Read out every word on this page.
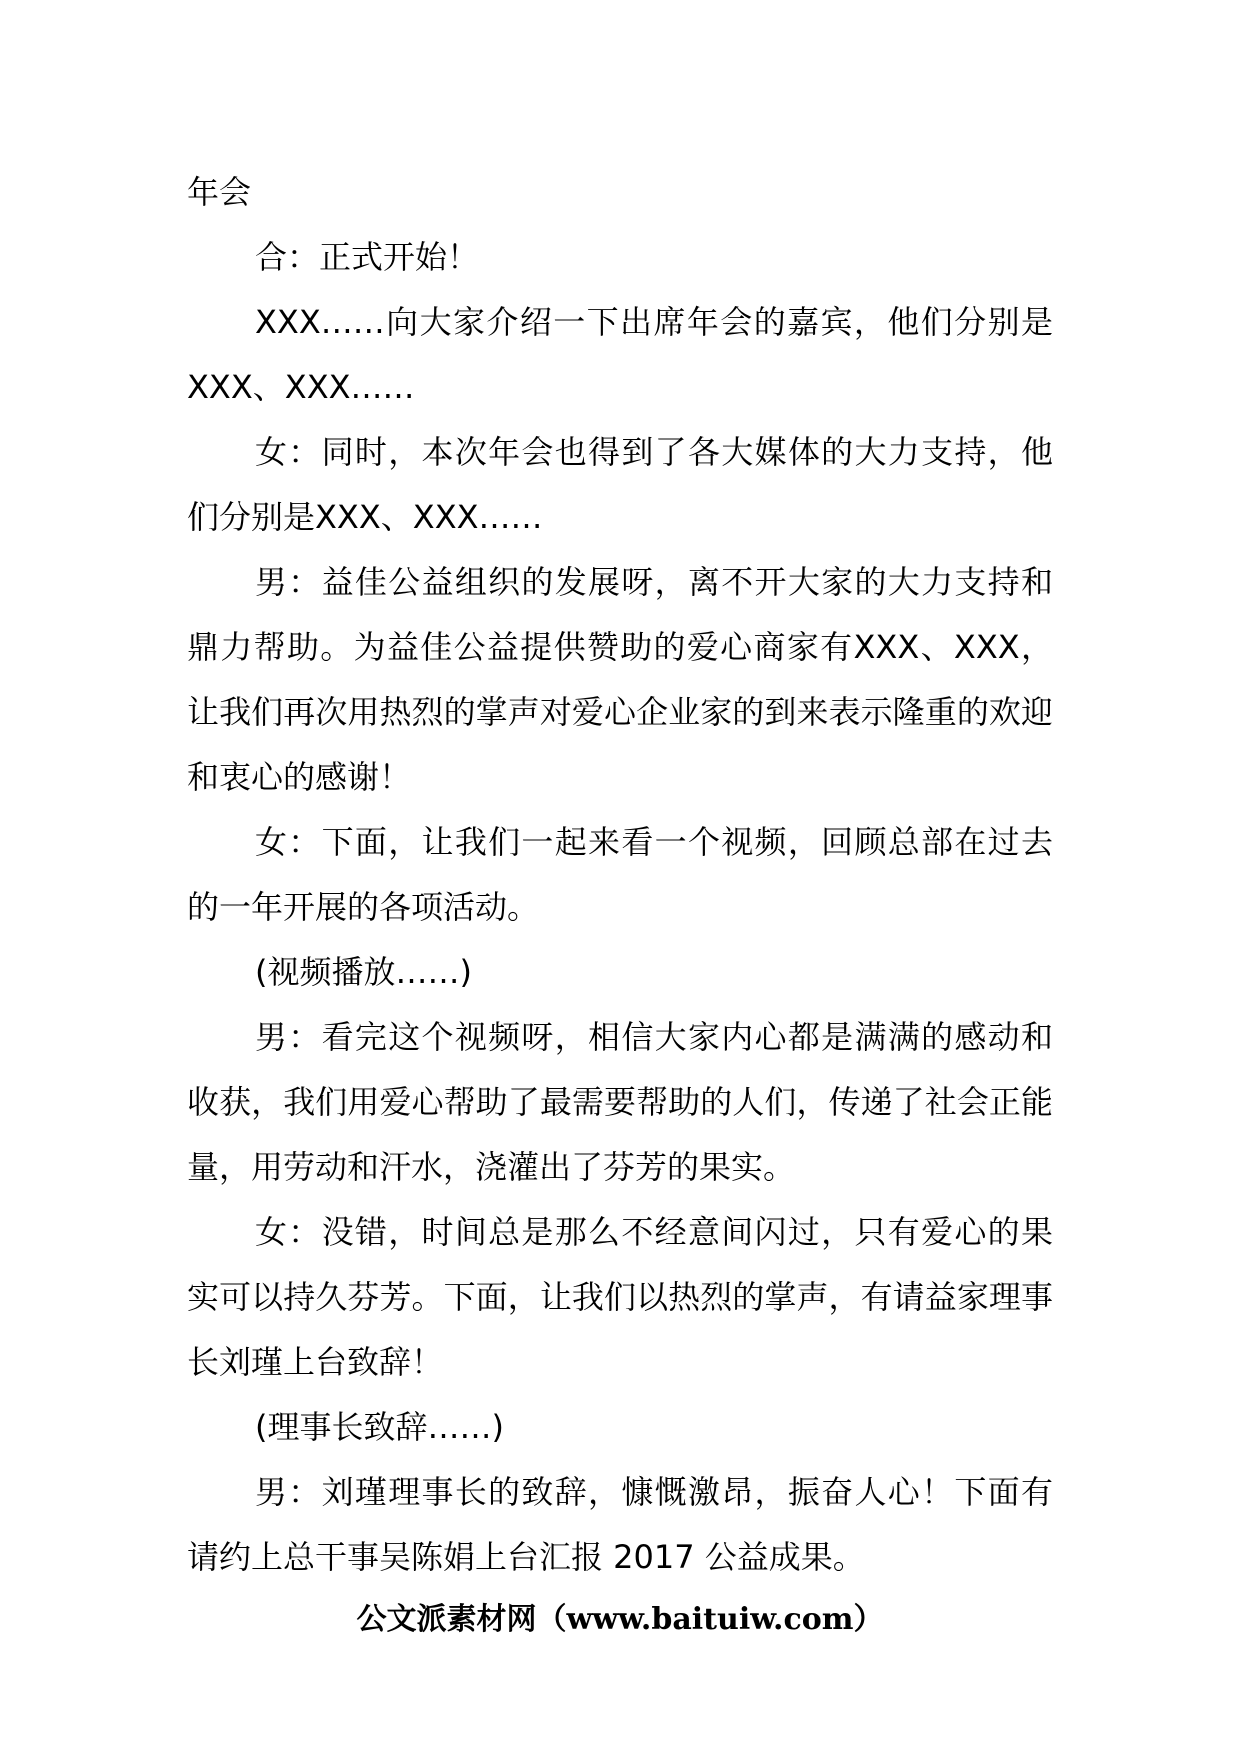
年会

合：正式开始！

XXX……向大家介绍一下出席年会的嘉宾，他们分别是XXX、XXX……

女：同时，本次年会也得到了各大媒体的大力支持，他们分别是XXX、XXX……

男：益佳公益组织的发展呀，离不开大家的大力支持和鼎力帮助。为益佳公益提供赞助的爱心商家有XXX、XXX，让我们再次用热烈的掌声对爱心企业家的到来表示隆重的欢迎和衷心的感谢！

女：下面，让我们一起来看一个视频，回顾总部在过去的一年开展的各项活动。

(视频播放……)

男：看完这个视频呀，相信大家内心都是满满的感动和收获，我们用爱心帮助了最需要帮助的人们，传递了社会正能量，用劳动和汗水，浇灌出了芬芳的果实。

女：没错，时间总是那么不经意间闪过，只有爱心的果实可以持久芬芳。下面，让我们以热烈的掌声，有请益家理事长刘瑾上台致辞！

(理事长致辞……)

男：刘瑾理事长的致辞，慷慨激昂，振奋人心！下面有请约上总干事吴陈娟上台汇报 2017 公益成果。

公文派素材网（www.baituiw.com）
